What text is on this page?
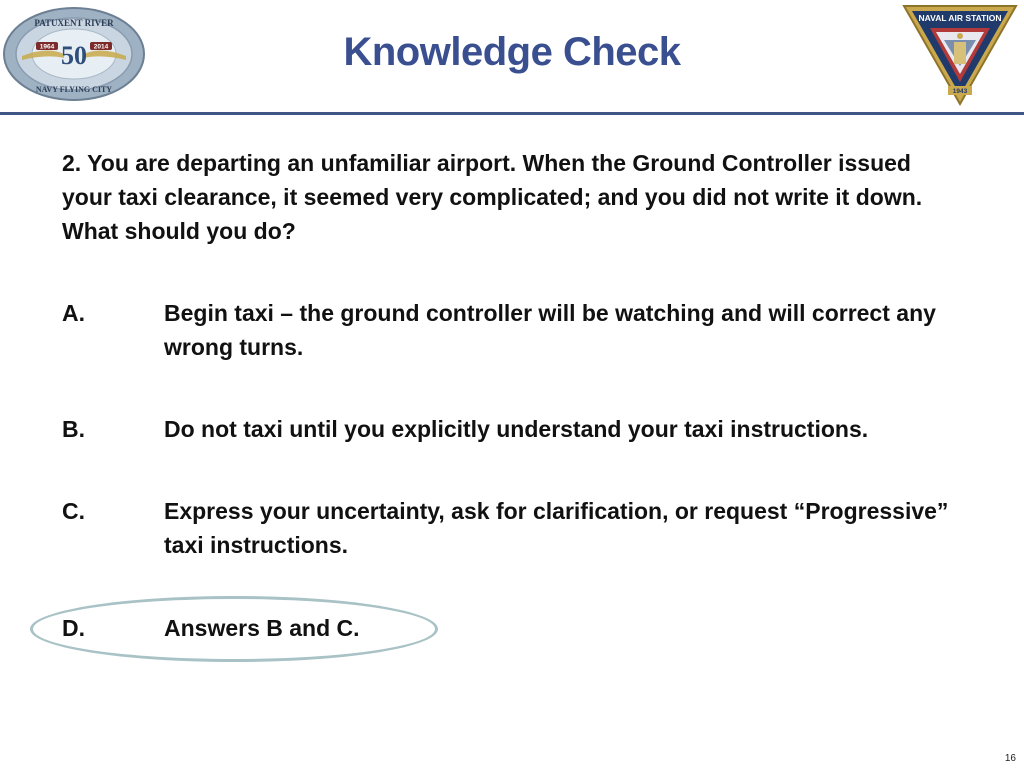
1964	2014
50
PATUXENT RIVER
NAVY FLYING CITY
Knowledge Check
NAVAL AIR STATION
1943
2. You are departing an unfamiliar airport. When the Ground Controller issued your taxi clearance, it seemed very complicated; and you did not write it down. What should you do?
A.	Begin taxi – the ground controller will be watching and will correct any wrong turns.
B.	Do not taxi until you explicitly understand your taxi instructions.
C.	Express your uncertainty, ask for clarification, or request “Progressive” taxi instructions.
D.	Answers B and C.
16
